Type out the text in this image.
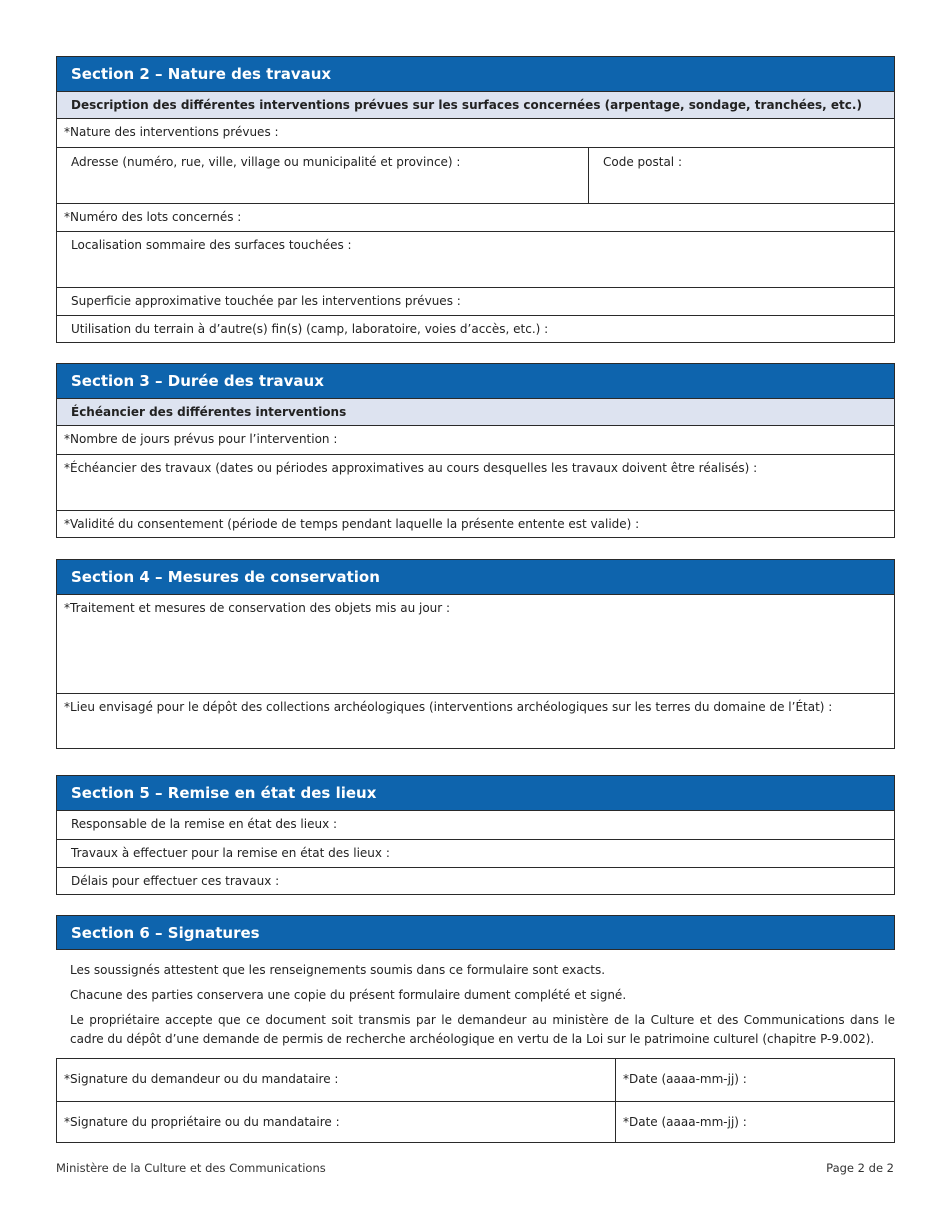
Section 2 – Nature des travaux
Description des différentes interventions prévues sur les surfaces concernées (arpentage, sondage, tranchées, etc.)
*Nature des interventions prévues :
Adresse (numéro, rue, ville, village ou municipalité et province) :	Code postal :
*Numéro des lots concernés :
Localisation sommaire des surfaces touchées :
Superficie approximative touchée par les interventions prévues :
Utilisation du terrain à d’autre(s) fin(s) (camp, laboratoire, voies d’accès, etc.) :
Section 3 – Durée des travaux
Échéancier des différentes interventions
*Nombre de jours prévus pour l’intervention :
*Échéancier des travaux (dates ou périodes approximatives au cours desquelles les travaux doivent être réalisés) :
*Validité du consentement (période de temps pendant laquelle la présente entente est valide) :
Section 4 – Mesures de conservation
*Traitement et mesures de conservation des objets mis au jour :
*Lieu envisagé pour le dépôt des collections archéologiques (interventions archéologiques sur les terres du domaine de l’État) :
Section 5 – Remise en état des lieux
Responsable de la remise en état des lieux :
Travaux à effectuer pour la remise en état des lieux :
Délais pour effectuer ces travaux :
Section 6 – Signatures
Les soussignés attestent que les renseignements soumis dans ce formulaire sont exacts.
Chacune des parties conservera une copie du présent formulaire dument complété et signé.
Le propriétaire accepte que ce document soit transmis par le demandeur au ministère de la Culture et des Communications dans le cadre du dépôt d’une demande de permis de recherche archéologique en vertu de la Loi sur le patrimoine culturel (chapitre P-9.002).
*Signature du demandeur ou du mandataire :	*Date (aaaa-mm-jj) :
*Signature du propriétaire ou du mandataire :	*Date (aaaa-mm-jj) :
Ministère de la Culture et des Communications	Page 2 de 2
